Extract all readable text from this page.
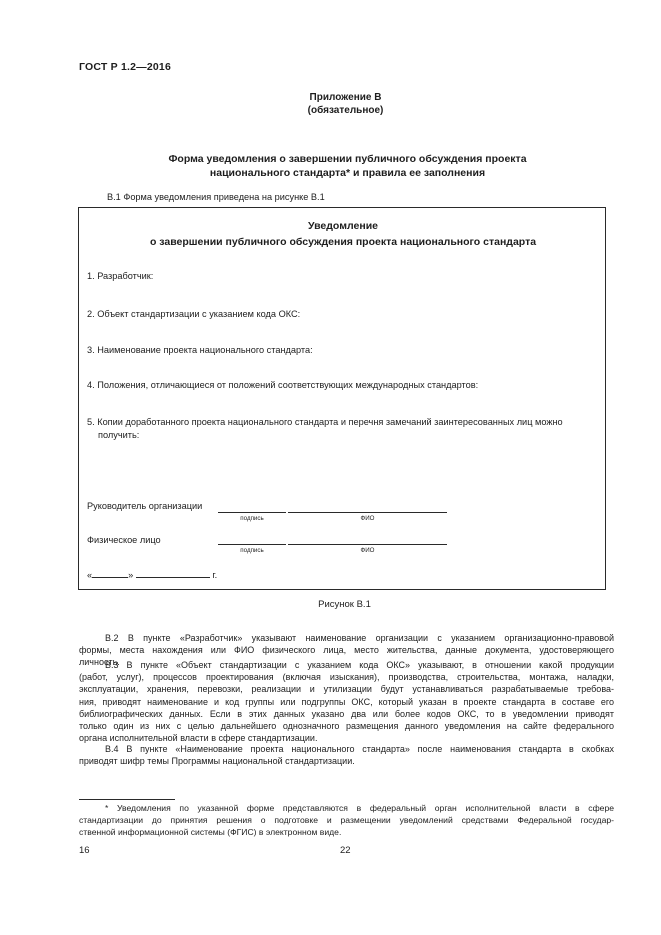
ГОСТ Р 1.2—2016
Приложение В
(обязательное)
Форма уведомления о завершении публичного обсуждения проекта
национального стандарта* и правила ее заполнения
В.1 Форма уведомления приведена на рисунке В.1
Уведомление
о завершении публичного обсуждения проекта национального стандарта
1. Разработчик:
2. Объект стандартизации с указанием кода ОКС:
3. Наименование проекта национального стандарта:
4. Положения, отличающиеся от положений соответствующих международных стандартов:
5. Копии доработанного проекта национального стандарта и перечня замечаний заинтересованных лиц можно
получить:
Руководитель организации
подпись	ФИО
Физическое лицо
подпись	ФИО
«	»	г.
Рисунок В.1
В.2 В пункте «Разработчик» указывают наименование организации с указанием организационно-правовой
формы, места нахождения или ФИО физического лица, место жительства, данные документа, удостоверяющего
личность.
В.3 В пункте «Объект стандартизации с указанием кода ОКС» указывают, в отношении какой продукции
(работ, услуг), процессов проектирования (включая изыскания), производства, строительства, монтажа, наладки,
эксплуатации, хранения, перевозки, реализации и утилизации будут устанавливаться разрабатываемые требова-
ния, приводят наименование и код группы или подгруппы ОКС, который указан в проекте стандарта в составе его
библиографических данных. Если в этих данных указано два или более кодов ОКС, то в уведомлении приводят
только один из них с целью дальнейшего однозначного размещения данного уведомления на сайте федерального
органа исполнительной власти в сфере стандартизации.
В.4 В пункте «Наименование проекта национального стандарта» после наименования стандарта в скобках
приводят шифр темы Программы национальной стандартизации.
* Уведомления по указанной форме представляются в федеральный орган исполнительной власти в сфере
стандартизации до принятия решения о подготовке и размещении уведомлений средствами Федеральной государ-
ственной информационной системы (ФГИС) в электронном виде.
16	22
